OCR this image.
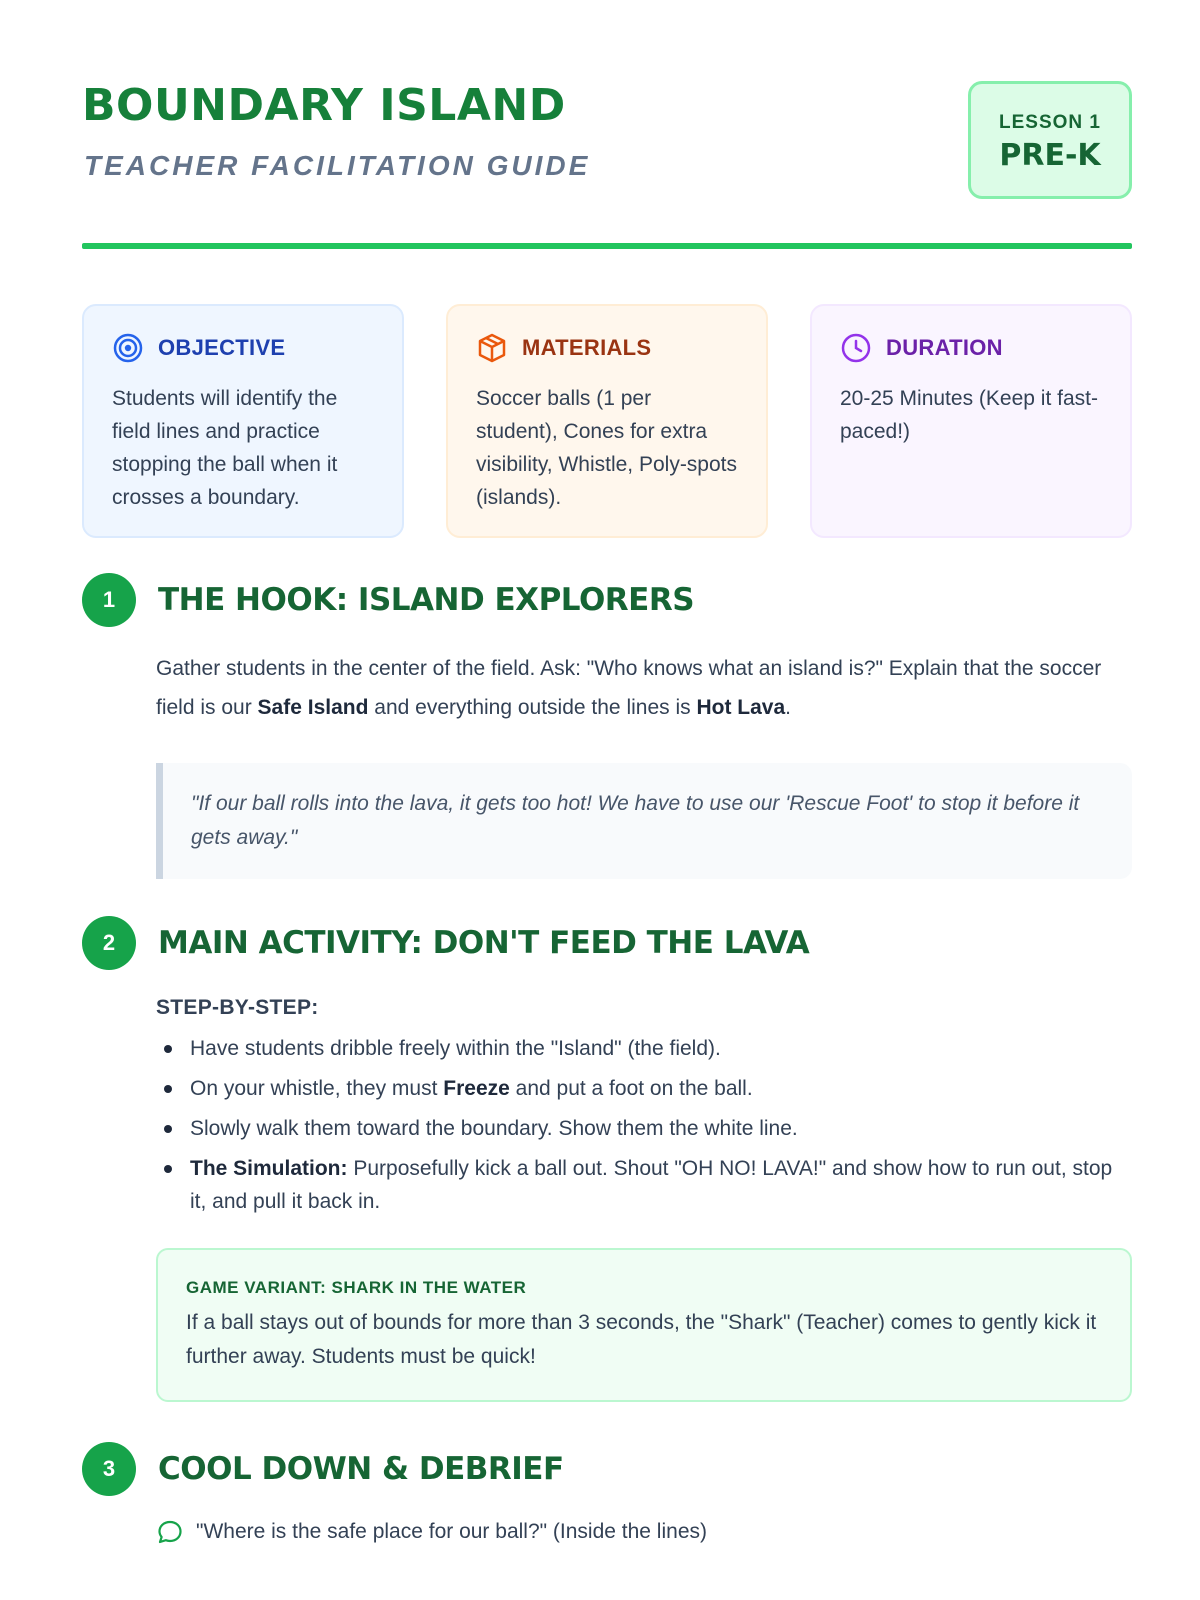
BOUNDARY ISLAND
TEACHER FACILITATION GUIDE
LESSON 1
PRE-K
OBJECTIVE
Students will identify the field lines and practice stopping the ball when it crosses a boundary.
MATERIALS
Soccer balls (1 per student), Cones for extra visibility, Whistle, Poly-spots (islands).
DURATION
20-25 Minutes (Keep it fast-paced!)
1	THE HOOK: ISLAND EXPLORERS

Gather students in the center of the field. Ask: "Who knows what an island is?" Explain that the soccer field is our Safe Island and everything outside the lines is Hot Lava.

"If our ball rolls into the lava, it gets too hot! We have to use our 'Rescue Foot' to stop it before it gets away."
2	MAIN ACTIVITY: DON'T FEED THE LAVA
STEP-BY-STEP:
Have students dribble freely within the "Island" (the field).
On your whistle, they must Freeze and put a foot on the ball.
Slowly walk them toward the boundary. Show them the white line.
The Simulation: Purposefully kick a ball out. Shout "OH NO! LAVA!" and show how to run out, stop it, and pull it back in.
GAME VARIANT: SHARK IN THE WATER
If a ball stays out of bounds for more than 3 seconds, the "Shark" (Teacher) comes to gently kick it further away. Students must be quick!
3	COOL DOWN & DEBRIEF
"Where is the safe place for our ball?" (Inside the lines)
